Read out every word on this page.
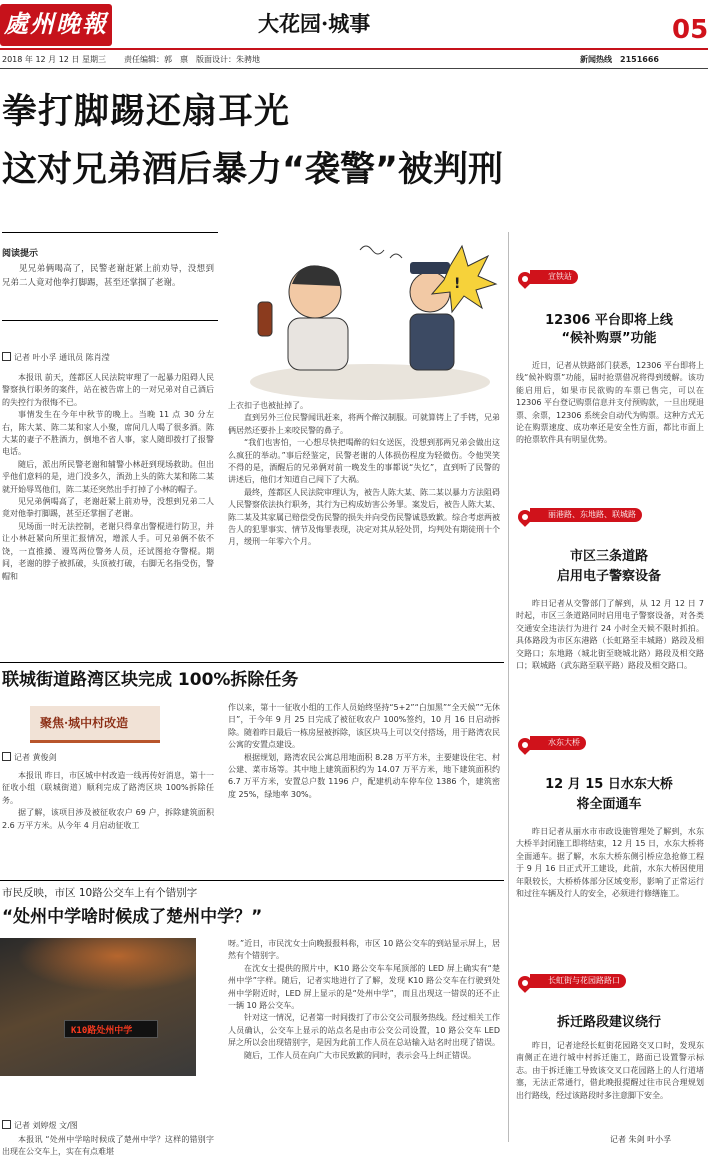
處州晚報	大花园·城事	05
2018 年 12 月 12 日 星期三 责任编辑：郭　禀　版面设计：朱骋地	新闻热线　2151666
拳打脚踢还扇耳光
这对兄弟酒后暴力“袭警”被判刑
阅读提示

见兄弟俩喝高了，民警老谢赶紧上前劝导，没想到兄弟二人竟对他拳打脚踢，甚至还掌掴了老谢。	!
记者 叶小孚 通讯员 陈肖滢

本报讯 前天，莲都区人民法院审理了一起暴力阻碍人民警察执行职务的案件，站在被告席上的一对兄弟对自己酒后的失控行为很悔不已。

事情发生在今年中秋节的晚上。当晚 11 点 30 分左右，陈大某、陈二某和家人小聚，席间几人喝了很多酒。陈大某的妻子不胜酒力，倒地不省人事，家人随即拨打了报警电话。

随后，派出所民警老谢和辅警小林赶到现场救助。但出乎他们意料的是，进门没多久，酒劲上头的陈大某和陈二某就开始辱骂他们，陈二某还突然出手打掉了小林的帽子。

见兄弟俩喝高了，老谢赶紧上前劝导，没想到兄弟二人竟对他拳打脚踢，甚至还掌掴了老谢。

见场面一时无法控制，老谢只得拿出警棍进行防卫，并让小林赶紧向所里汇报情况，增派人手。可兄弟俩不依不饶，一直推搡、谩骂两位警务人员，还试图抢夺警棍。期间，老谢的脖子被抓破，头顶被打破，右脚无名指受伤，警帽和

上衣扣子也被扯掉了。

直到另外三位民警闻讯赶来，将两个醉汉制服。可就算铐上了手铐，兄弟俩居然还要扑上来咬民警的鼻子。

“我们也害怕，一心想尽快把喝醉的妇女送医，没想到那两兄弟会做出这么疯狂的举动。”事后经鉴定，民警老谢的人体损伤程度为轻微伤。令他哭笑不得的是，酒醒后的兄弟俩对前一晚发生的事都说“失忆”，直到听了民警的讲述后，他们才知道自己闯下了大祸。

最终，莲都区人民法院审理认为，被告人陈大某、陈二某以暴力方法阻碍人民警察依法执行职务，其行为已构成妨害公务罪。案发后，被告人陈大某、陈二某及其家属已赔偿受伤民警的损失并向受伤民警诚恳致歉。综合考虑两被告人的犯罪事实、情节及悔罪表现，决定对其从轻处罚，均判处有期徒刑十个月，缓刑一年零六个月。

联城街道路湾区块完成 100%拆除任务
聚焦·城中村改造
记者 黄俊剑

本报讯 昨日，市区城中村改造一线再传好消息，第十一征收小组（联城街道）顺利完成了路湾区块 100%拆除任务。

据了解，该项目涉及被征收农户 69 户，拆除建筑面积 2.6 万平方米。从今年 4 月启动征收工

作以来，第十一征收小组的工作人员始终坚持“5+2”“白加黑”“全天候”“无休日”，于今年 9 月 25 日完成了被征收农户 100%签约，10 月 16 日启动拆除。随着昨日最后一栋房屋被拆除，该区块马上可以交付搭场，用于路湾农民公寓的安置点建设。

根据规划，路湾农民公寓总用地面积 8.28 万平方米，主要建设住宅、村公建、菜市场等。其中地上建筑面积约为 14.07 万平方米，地下建筑面积约 6.7 万平方米，安置总户数 1196 户，配建机动车停车位 1386 个，建筑密度 25%，绿地率 30%。

市民反映，市区 10路公交车上有个错别字
“处州中学啥时候成了楚州中学？”
K10路处州中学
记者 刘婷煜 文/图

本报讯 “处州中学啥时候成了楚州中学？这样的错别字出现在公交车上，实在有点难堪

呀。”近日，市民沈女士向晚报报料称，市区 10 路公交车的到站显示屏上，居然有个错别字。

在沈女士提供的照片中，K10 路公交车车尾顶部的 LED 屏上确实有“楚州中学”字样。随后，记者实地进行了了解，发现 K10 路公交车在行驶到处州中学附近时，LED 屏上显示的是“处州中学”，而且出现这一错误的还不止一辆 10 路公交车。

针对这一情况，记者第一时间拨打了市公交公司服务热线。经过相关工作人员确认，公交车上显示的站点名是由市公交公司设置，10 路公交车 LED 屏之所以会出现错别字，是因为此前工作人员在总站输入站名时出现了错误。

随后，工作人员在向广大市民致歉的同时，表示会马上纠正错误。

宣铁站
12306 平台即将上线
“候补购票”功能

近日，记者从铁路部门获悉，12306 平台即将上线“候补购票”功能，届时抢票借况将得到缓解。该功能启用后，如果市民欲购的车票已售完，可以在 12306 平台登记购票信息并支付预购款，一旦出现退票、余票，12306 系统会自动代为购票。这种方式无论在购票速度、成功率还是安全性方面，都比市面上的抢票软件具有明显优势。

丽港路、东地路、联城路
市区三条道路
启用电子警察设备

昨日记者从交警部门了解到，从 12 月 12 日 7 时起，市区三条道路同时启用电子警察设备，对各类交通安全违法行为进行 24 小时全天候不限时抓拍。具体路段为市区东港路（长虹路至丰城路）路段及相交路口；东地路（城北街至晓城北路）路段及相交路口；联城路（武东路至联平路）路段及相交路口。

水东大桥
12 月 15 日水东大桥
将全面通车

昨日记者从丽水市市政设施管理处了解到，水东大桥半封闭施工即将结束，12 月 15 日，水东大桥将全面通车。据了解，水东大桥东侧引桥应急抢修工程于 9 月 16 日正式开工建设，此前，水东大桥因使用年限较长，大桥桥体部分区域变形，影响了正常运行和过往车辆及行人的安全，必须进行修缮施工。

长虹街与花园路路口
拆迁路段建议绕行

昨日，记者途经长虹街花园路交叉口时，发现东南侧正在进行城中村拆迁施工，路面已设置警示标志。由于拆迁施工导致该交叉口花园路上的人行道堵塞，无法正常通行，借此晚报提醒过往市民合理规划出行路线，经过该路段时多注意脚下安全。

记者 朱剑 叶小孚
